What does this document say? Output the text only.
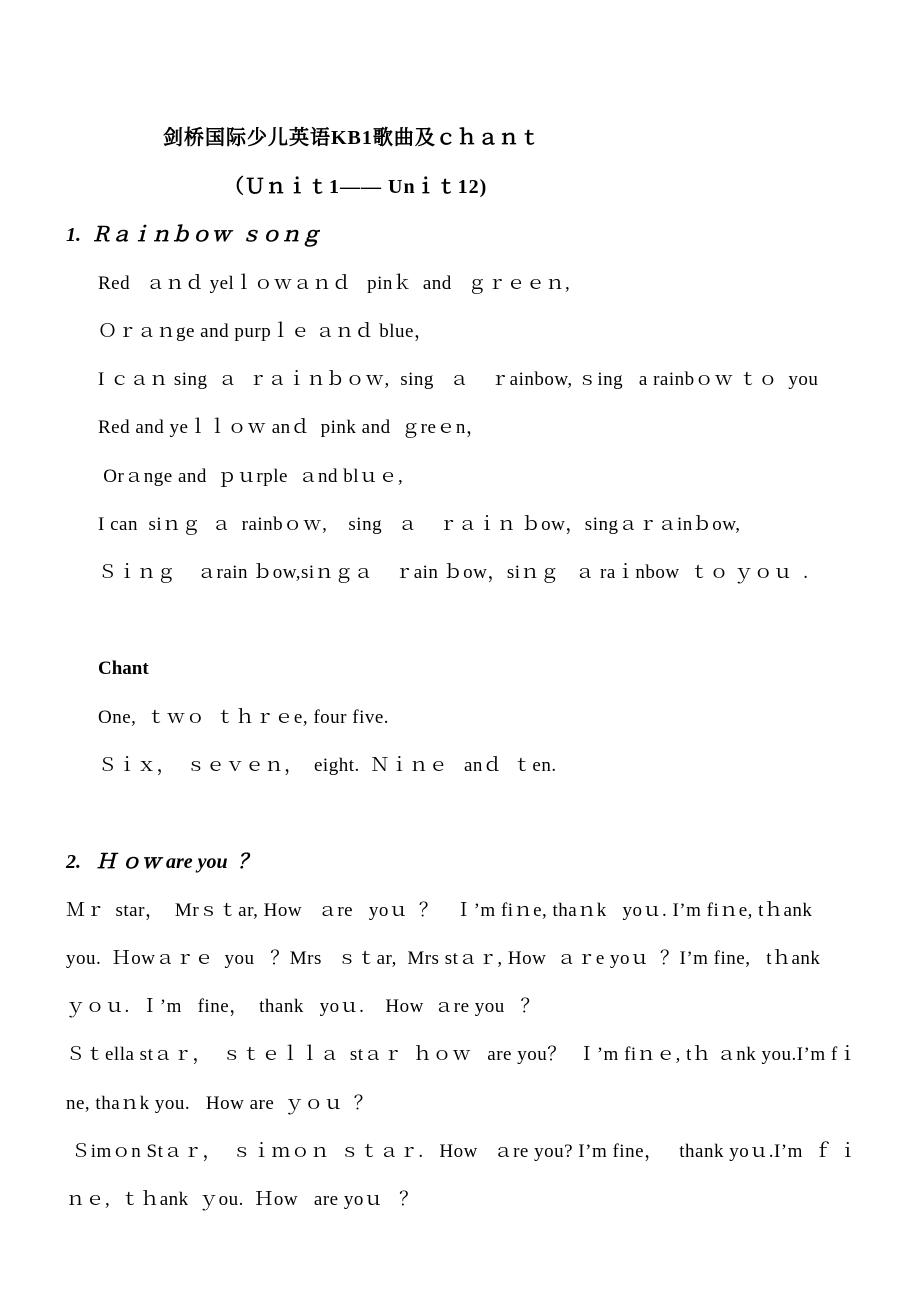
剑桥国际少儿英语KB1歌曲及ｃｈａｎｔ
（Ｕｎｉｔ1—— Unｉｔ12)
1.  Ｒａｉｎｂｏｗ  ｓｏｎｇ
Red   ａｎｄ yelｌｏｗａｎｄ   pinｋ  and   ｇｒｅｅｎ,
Ｏｒａｎge and purpｌｅ ａｎｄ blue，
I ｃａｎ sing  ａ  ｒａｉｎｂｏｗ,  sing   ａ    ｒainbow, ｓing   a rainbｏｗ ｔｏ  you
Red and yeｌｌｏｗ anｄ  pink and  ｇreｅn，
Orａnge and  ｐｕrple  ａnd blｕｅ,
I can  siｎｇ  ａ  rainbｏｗ,    sing   ａ    ｒａｉｎ ｂow，singａｒａinｂow,
Ｓｉｎｇ    ａrain ｂow,siｎｇａ    ｒain ｂow，siｎｇ   ａ raｉnbow  ｔｏ ｙｏｕ  .
Chant
One,  ｔｗｏ  ｔｈｒｅe, four five.
Ｓｉｘ，  ｓｅｖｅｎ，  eight.  Ｎｉｎｅ   anｄ  ｔen.
2.   Ｈ ｏｗ are you  ？
Ｍｒ  star，  Mrｓｔar, How   ａre   yoｕ  ？   Ｉ’m fiｎe, thaｎk   yoｕ. I’m fiｎe, tｈank
you.  Ｈowａｒｅ  you   ？Mrs   ｓｔar,  Mrs stａｒ, How  ａｒe yoｕ  ？I’m fine,   tｈank
ｙｏｕ.  Ｉ’m   fine，  thank   yoｕ.    How  ａre you   ？
Ｓｔella stａｒ，  ｓｔｅｌｌａ  stａｒ  ｈｏｗ   are you？  Ｉ’m fiｎｅ, tｈ ａnk you.I’m fｉ
ne, thaｎk you.   How are  ｙｏｕ  ？
Ｓimｏn Stａｒ，  ｓｉｍｏｎ  ｓｔａｒ.   How   ａre you? I’m fine，   thank yoｕ.I’m  ｆ ｉ
ｎｅ,  ｔｈank  ｙou.  Ｈow   are yoｕ   ？
